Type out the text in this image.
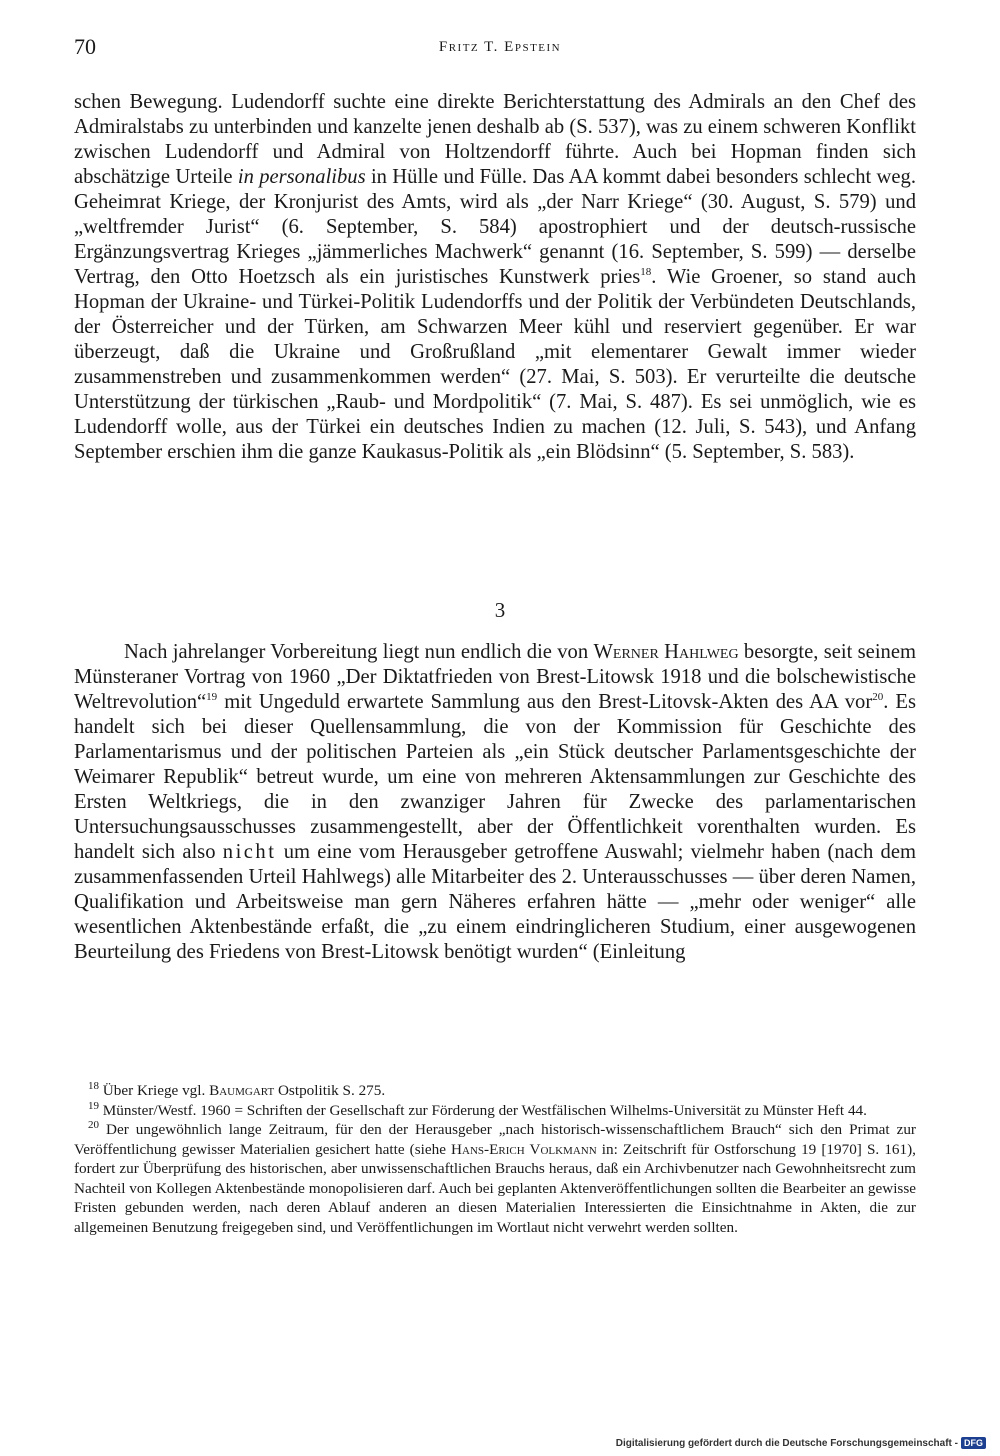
70	Fritz T. Epstein

schen Bewegung. Ludendorff suchte eine direkte Berichterstattung des Admirals an den Chef des Admiralstabs zu unterbinden und kanzelte jenen deshalb ab (S. 537), was zu einem schweren Konflikt zwischen Ludendorff und Admiral von Holtzendorff führte. Auch bei Hopman finden sich abschätzige Urteile in personalibus in Hülle und Fülle. Das AA kommt dabei besonders schlecht weg. Geheimrat Kriege, der Kronjurist des Amts, wird als „der Narr Kriege“ (30. August, S. 579) und „weltfremder Jurist“ (6. September, S. 584) apostrophiert und der deutsch-russische Ergänzungsvertrag Krieges „jämmerliches Machwerk“ genannt (16. September, S. 599) — derselbe Vertrag, den Otto Hoetzsch als ein juristisches Kunstwerk pries$^{18}$. Wie Groener, so stand auch Hopman der Ukraine- und Türkei-Politik Ludendorffs und der Politik der Verbündeten Deutschlands, der Österreicher und der Türken, am Schwarzen Meer kühl und reserviert gegenüber. Er war überzeugt, daß die Ukraine und Großrußland „mit elementarer Gewalt immer wieder zusammenstreben und zusammenkommen werden“ (27. Mai, S. 503). Er verurteilte die deutsche Unterstützung der türkischen „Raub- und Mordpolitik“ (7. Mai, S. 487). Es sei unmöglich, wie es Ludendorff wolle, aus der Türkei ein deutsches Indien zu machen (12. Juli, S. 543), und Anfang September erschien ihm die ganze Kaukasus-Politik als „ein Blödsinn“ (5. September, S. 583).

3

Nach jahrelanger Vorbereitung liegt nun endlich die von Werner Hahlweg besorgte, seit seinem Münsteraner Vortrag von 1960 „Der Diktatfrieden von Brest-Litowsk 1918 und die bolschewistische Weltrevolution“$^{19}$ mit Ungeduld erwartete Sammlung aus den Brest-Litovsk-Akten des AA vor$^{20}$. Es handelt sich bei dieser Quellensammlung, die von der Kommission für Geschichte des Parlamentarismus und der politischen Parteien als „ein Stück deutscher Parlamentsgeschichte der Weimarer Republik“ betreut wurde, um eine von mehreren Aktensammlungen zur Geschichte des Ersten Weltkriegs, die in den zwanziger Jahren für Zwecke des parlamentarischen Untersuchungsausschusses zusammengestellt, aber der Öffentlichkeit vorenthalten wurden. Es handelt sich also nicht um eine vom Herausgeber getroffene Auswahl; vielmehr haben (nach dem zusammenfassenden Urteil Hahlwegs) alle Mitarbeiter des 2. Unterausschusses — über deren Namen, Qualifikation und Arbeitsweise man gern Näheres erfahren hätte — „mehr oder weniger“ alle wesentlichen Aktenbestände erfaßt, die „zu einem eindringlicheren Studium, einer ausgewogenen Beurteilung des Friedens von Brest-Litowsk benötigt wurden“ (Einleitung

$^{18}$ Über Kriege vgl. Baumgart Ostpolitik S. 275.

$^{19}$ Münster/Westf. 1960 = Schriften der Gesellschaft zur Förderung der Westfälischen Wilhelms-Universität zu Münster Heft 44.

$^{20}$ Der ungewöhnlich lange Zeitraum, für den der Herausgeber „nach historisch-wissenschaftlichem Brauch“ sich den Primat zur Veröffentlichung gewisser Materialien gesichert hatte (siehe Hans-Erich Volkmann in: Zeitschrift für Ostforschung 19 [1970] S. 161), fordert zur Überprüfung des historischen, aber unwissenschaftlichen Brauchs heraus, daß ein Archivbenutzer nach Gewohnheitsrecht zum Nachteil von Kollegen Aktenbestände monopolisieren darf. Auch bei geplanten Aktenveröffentlichungen sollten die Bearbeiter an gewisse Fristen gebunden werden, nach deren Ablauf anderen an diesen Materialien Interessierten die Einsichtnahme in Akten, die zur allgemeinen Benutzung freigegeben sind, und Veröffentlichungen im Wortlaut nicht verwehrt werden sollten.

Digitalisierung gefördert durch die Deutsche Forschungsgemeinschaft - DFG
